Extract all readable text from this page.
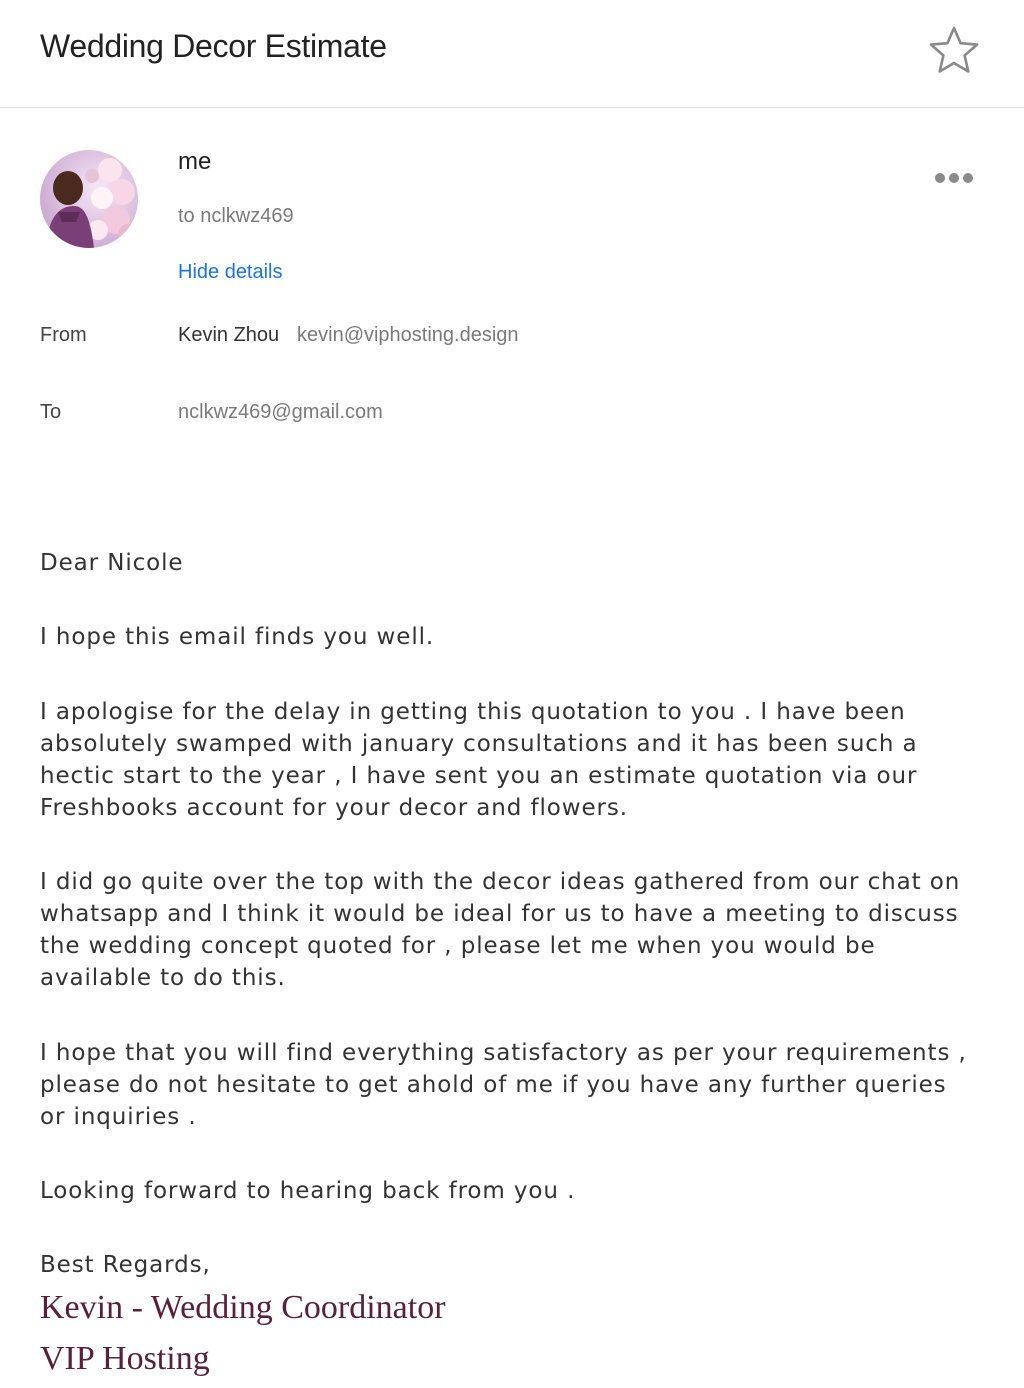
Wedding Decor Estimate
me
to nclkwz469
Hide details
From	Kevin Zhou kevin@viphosting.design
To	nclkwz469@gmail.com

Dear Nicole

I hope this email finds you well.

I apologise for the delay in getting this quotation to you . I have been absolutely swamped with january consultations and it has been such a hectic start to the year , I have sent you an estimate quotation via our Freshbooks account for your decor and flowers.

I did go quite over the top with the decor ideas gathered from our chat on whatsapp and I think it would be ideal for us to have a meeting to discuss the wedding concept quoted for , please let me when you would be available to do this.

I hope that you will find everything satisfactory as per your requirements , please do not hesitate to get ahold of me if you have any further queries or inquiries .

Looking forward to hearing back from you .

Best Regards,

Kevin - Wedding Coordinator
VIP Hosting
